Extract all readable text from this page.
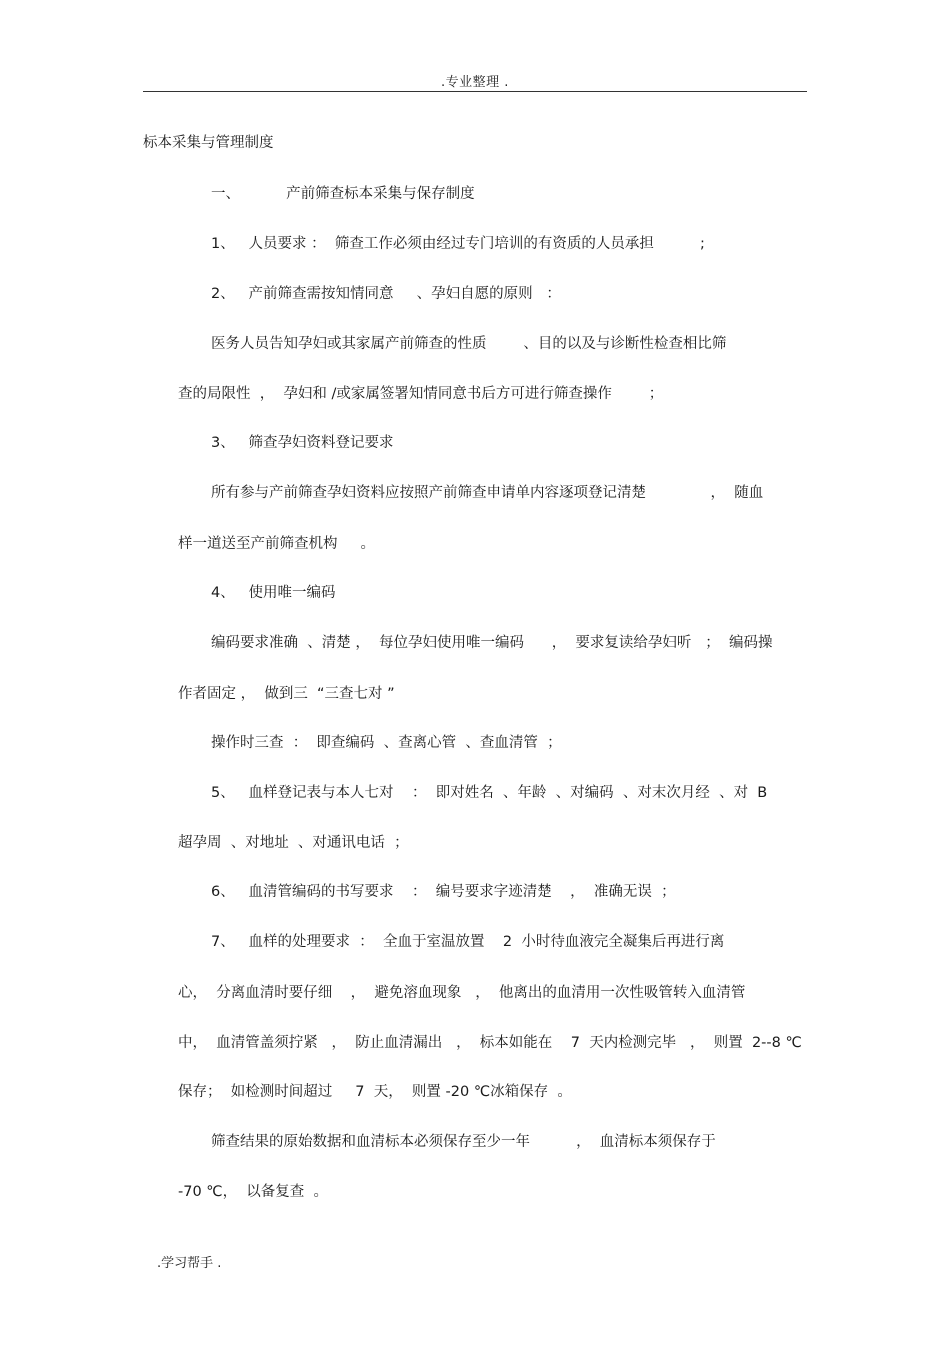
.专业整理 .
标本采集与管理制度
一、          产前筛查标本采集与保存制度
1、   人员要求 ：  筛查工作必须由经过专门培训的有资质的人员承担          ;
2、   产前筛查需按知情同意     、孕妇自愿的原则   ：
医务人员告知孕妇或其家属产前筛查的性质        、目的以及与诊断性检查相比筛
查的局限性  ，  孕妇和 /或家属签署知情同意书后方可进行筛查操作        ；
3、   筛查孕妇资料登记要求
所有参与产前筛查孕妇资料应按照产前筛查申请单内容逐项登记清楚              ，  随血
样一道送至产前筛查机构     。
4、   使用唯一编码
编码要求准确  、清楚 ，  每位孕妇使用唯一编码      ，  要求复读给孕妇听   ；  编码操
作者固定 ，  做到三  “三查七对 ”
操作时三查  ：  即查编码  、查离心管  、查血清管  ；
5、   血样登记表与本人七对    ：  即对姓名  、年龄  、对编码  、对末次月经  、对  B
超孕周  、对地址  、对通讯电话  ；
6、   血清管编码的书写要求    ：  编号要求字迹清楚    ，  准确无误  ；
7、   血样的处理要求  ：  全血于室温放置    2  小时待血液完全凝集后再进行离
心，  分离血清时要仔细    ，  避免溶血现象   ，  他离出的血清用一次性吸管转入血清管
中，  血清管盖须拧紧   ，  防止血清漏出   ，  标本如能在    7  天内检测完毕   ，  则置  2--8 ℃
保存；  如检测时间超过     7  天，  则置 -20 ℃冰箱保存  。
筛查结果的原始数据和血清标本必须保存至少一年          ，  血清标本须保存于
-70 ℃，  以备复查  。
.学习帮手 .
